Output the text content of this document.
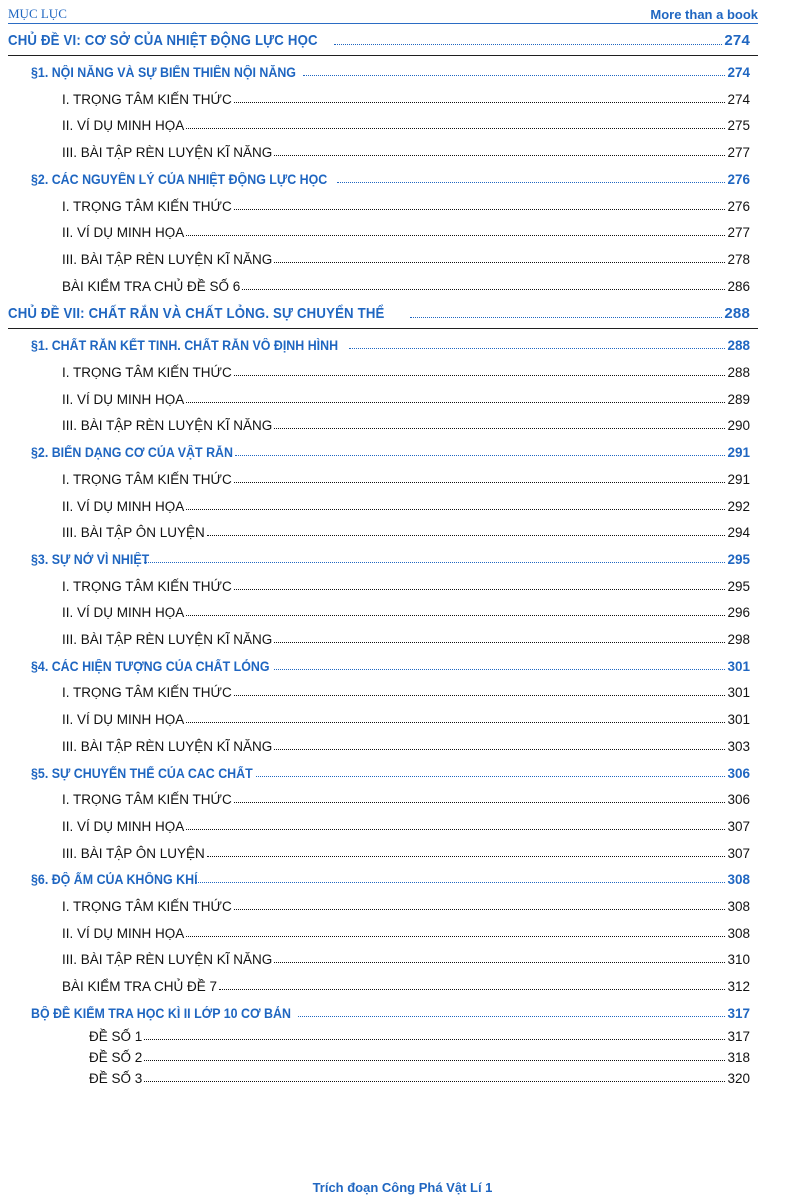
MỤC LỤC	More than a book
CHỦ ĐỀ VI: CƠ SỞ CỦA NHIỆT ĐỘNG LỰC HỌC	274
§1. NỘI NĂNG VÀ SỰ BIẾN THIÊN NỘI NĂNG	274
I. TRỌNG TÂM KIẾN THỨC	274
II. VÍ DỤ MINH HỌA	275
III. BÀI TẬP RÈN LUYỆN KĨ NĂNG	277
§2. CÁC NGUYÊN LÝ CỦA NHIỆT ĐỘNG LỰC HỌC	276
I. TRỌNG TÂM KIẾN THỨC	276
II. VÍ DỤ MINH HỌA	277
III. BÀI TẬP RÈN LUYỆN KĨ NĂNG	278
BÀI KIỂM TRA CHỦ ĐỀ SỐ 6	286
CHỦ ĐỀ VII: CHẤT RẮN VÀ CHẤT LỎNG. SỰ CHUYỂN THỂ	288
§1. CHẤT RẮN KẾT TINH. CHẤT RẮN VÔ ĐỊNH HÌNH	288
I. TRỌNG TÂM KIẾN THỨC	288
II. VÍ DỤ MINH HỌA	289
III. BÀI TẬP RÈN LUYỆN KĨ NĂNG	290
§2. BIẾN DẠNG CƠ CỦA VẬT RẮN	291
I. TRỌNG TÂM KIẾN THỨC	291
II. VÍ DỤ MINH HỌA	292
III. BÀI TẬP ÔN LUYỆN	294
§3. SỰ NỞ VÌ NHIỆT	295
I. TRỌNG TÂM KIẾN THỨC	295
II. VÍ DỤ MINH HỌA	296
III. BÀI TẬP RÈN LUYỆN KĨ NĂNG	298
§4. CÁC HIỆN TƯỢNG CỦA CHẤT LỎNG	301
I. TRỌNG TÂM KIẾN THỨC	301
II. VÍ DỤ MINH HỌA	301
III. BÀI TẬP RÈN LUYỆN KĨ NĂNG	303
§5. SỰ CHUYỂN THỂ CỦA CAC CHẤT	306
I. TRỌNG TÂM KIẾN THỨC	306
II. VÍ DỤ MINH HỌA	307
III. BÀI TẬP ÔN LUYỆN	307
§6. ĐỘ ẨM CỦA KHÔNG KHÍ	308
I. TRỌNG TÂM KIẾN THỨC	308
II. VÍ DỤ MINH HỌA	308
III. BÀI TẬP RÈN LUYỆN KĨ NĂNG	310
BÀI KIỂM TRA CHỦ ĐỀ 7	312
BỘ ĐỀ KIỂM TRA HỌC KÌ II LỚP 10 CƠ BẢN	317
ĐỀ SỐ 1	317
ĐỀ SỐ 2	318
ĐỀ SỐ 3	320
Trích đoạn Công Phá Vật Lí 1
